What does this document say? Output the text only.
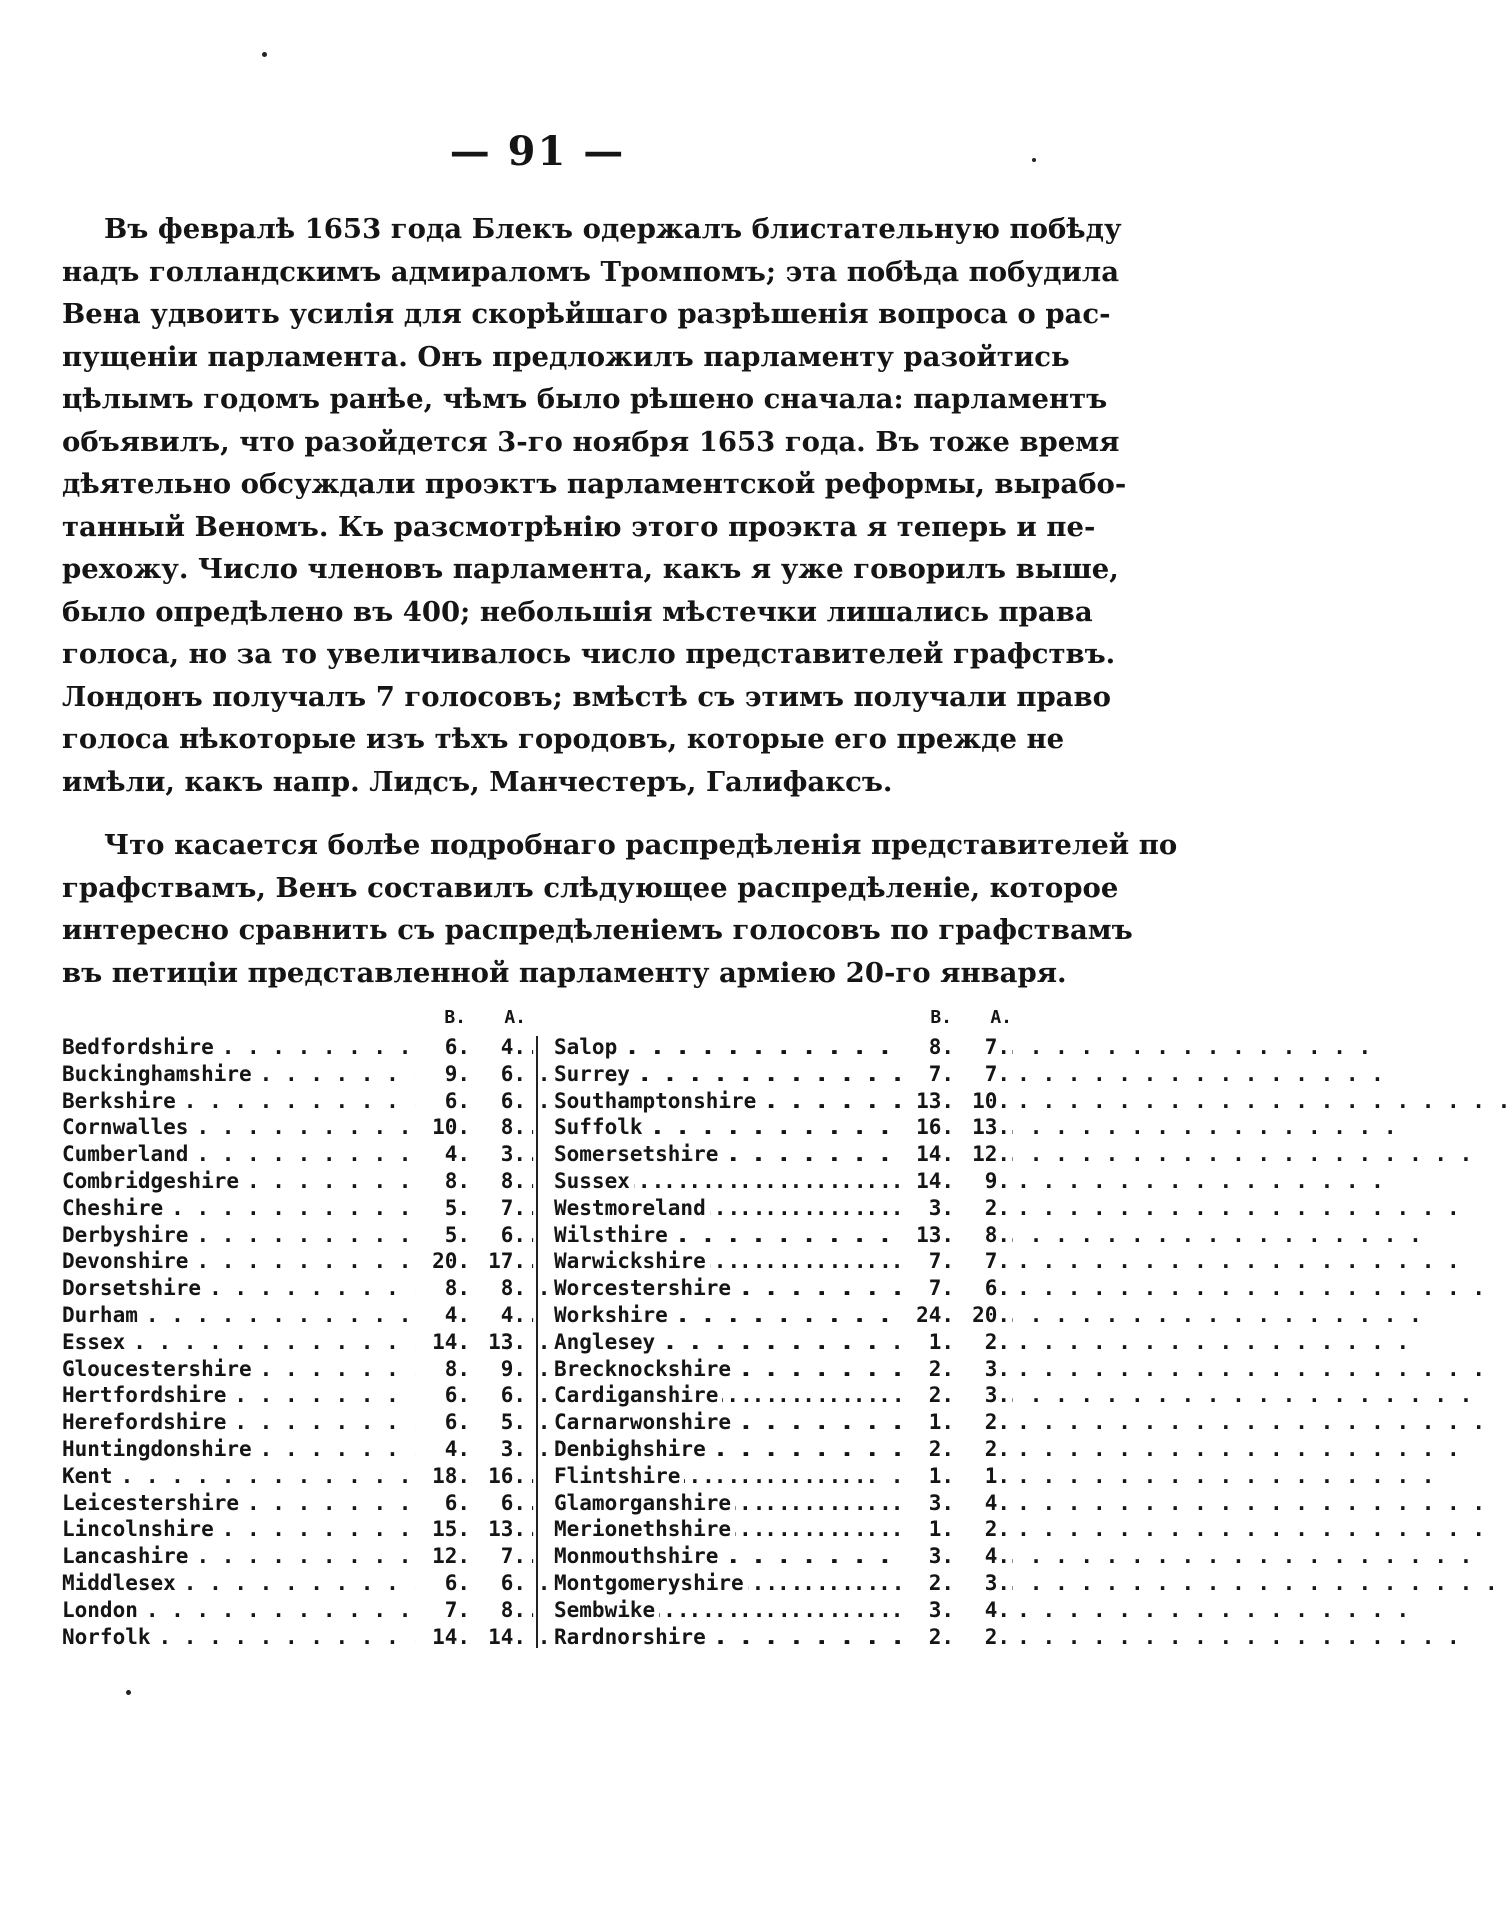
— 91 —
Въ февралѣ 1653 года Блекъ одержалъ блистательную побѣду
надъ голландскимъ адмираломъ Тромпомъ; эта побѣда побудила
Вена удвоить усилія для скорѣйшаго разрѣшенія вопроса о рас-
пущеніи парламента. Онъ предложилъ парламенту разойтись
цѣлымъ годомъ ранѣе, чѣмъ было рѣшено сначала: парламентъ
объявилъ, что разойдется 3-го ноября 1653 года. Въ тоже время
дѣятельно обсуждали проэктъ парламентской реформы, вырабо-
танный Веномъ. Къ разсмотрѣнію этого проэкта я теперь и пе-
рехожу. Число членовъ парламента, какъ я уже говорилъ выше,
было опредѣлено въ 400; небольшія мѣстечки лишались права
голоса, но за то увеличивалось число представителей графствъ.
Лондонъ получалъ 7 голосовъ; вмѣстѣ съ этимъ получали право
голоса нѣкоторые изъ тѣхъ городовъ, которые его прежде не
имѣли, какъ напр. Лидсъ, Манчестеръ, Галифаксъ.
Что касается болѣе подробнаго распредѣленія представителей по
графствамъ, Венъ составилъ слѣдующее распредѣленіе, которое
интересно сравнить съ распредѣленіемъ голосовъ по графствамъ
въ петиціи представленной парламенту арміею 20-го января.
В.	А.
Bedfordshire . . .	6.	4.
Buckinghamshire . . .	9.	6.
Berkshire . . .	6.	6.
Cornwalles . . .	10.	8.
Cumberland . . .	4.	3.
Combridgeshire . . .	8.	8.
Cheshire . . .	5.	7.
Derbyshire . . .	5.	6.
Devonshire . . .	20. 17.
Dorsetshire . . .	8.	8.
Durham . . .	4.	4.
Essex . . .	14. 13.
Gloucestershire . . .	8.	9.
Hertfordshire . . .	6.	6.
Herefordshire . . .	6.	5.
Huntingdonshire . . .	4.	3.
Kent . . .	18. 16.
Leicestershire . . .	6.	6.
Lincolnshire . . .	15. 13.
Lancashire . . .	12.	7.
Middlesex . . .	6.	6.
London . . .	7.	8.
Norfolk . . .	14. 14.
В.	А.
Salop . . .	8.	7.
Surrey . . .	7.	7.
Southamptonshire . . .	13. 10.
Suffolk . . .	16. 13.
Somersetshire . . .	14. 12.
Sussex . . .	14.	9.
Westmoreland . . .	3.	2.
Wilsthire . . .	13.	8.
Warwickshire . . .	7.	7.
Worcestershire . . .	7.	6.
Workshire . . .	24. 20.
Anglesey . . .	1.	2.
Brecknockshire . . .	2.	3.
Cardiganshire . . .	2.	3.
Carnarwonshire . . .	1.	2.
Denbighshire . . .	2.	2.
Flintshire . . .	1.	1.
Glamorganshire . . .	3.	4.
Merionethshire . . .	1.	2.
Monmouthshire . . .	3.	4.
Montgomeryshire . . .	2.	3.
Sembwike . . .	3.	4.
Rardnorshire . . .	2.	2.
